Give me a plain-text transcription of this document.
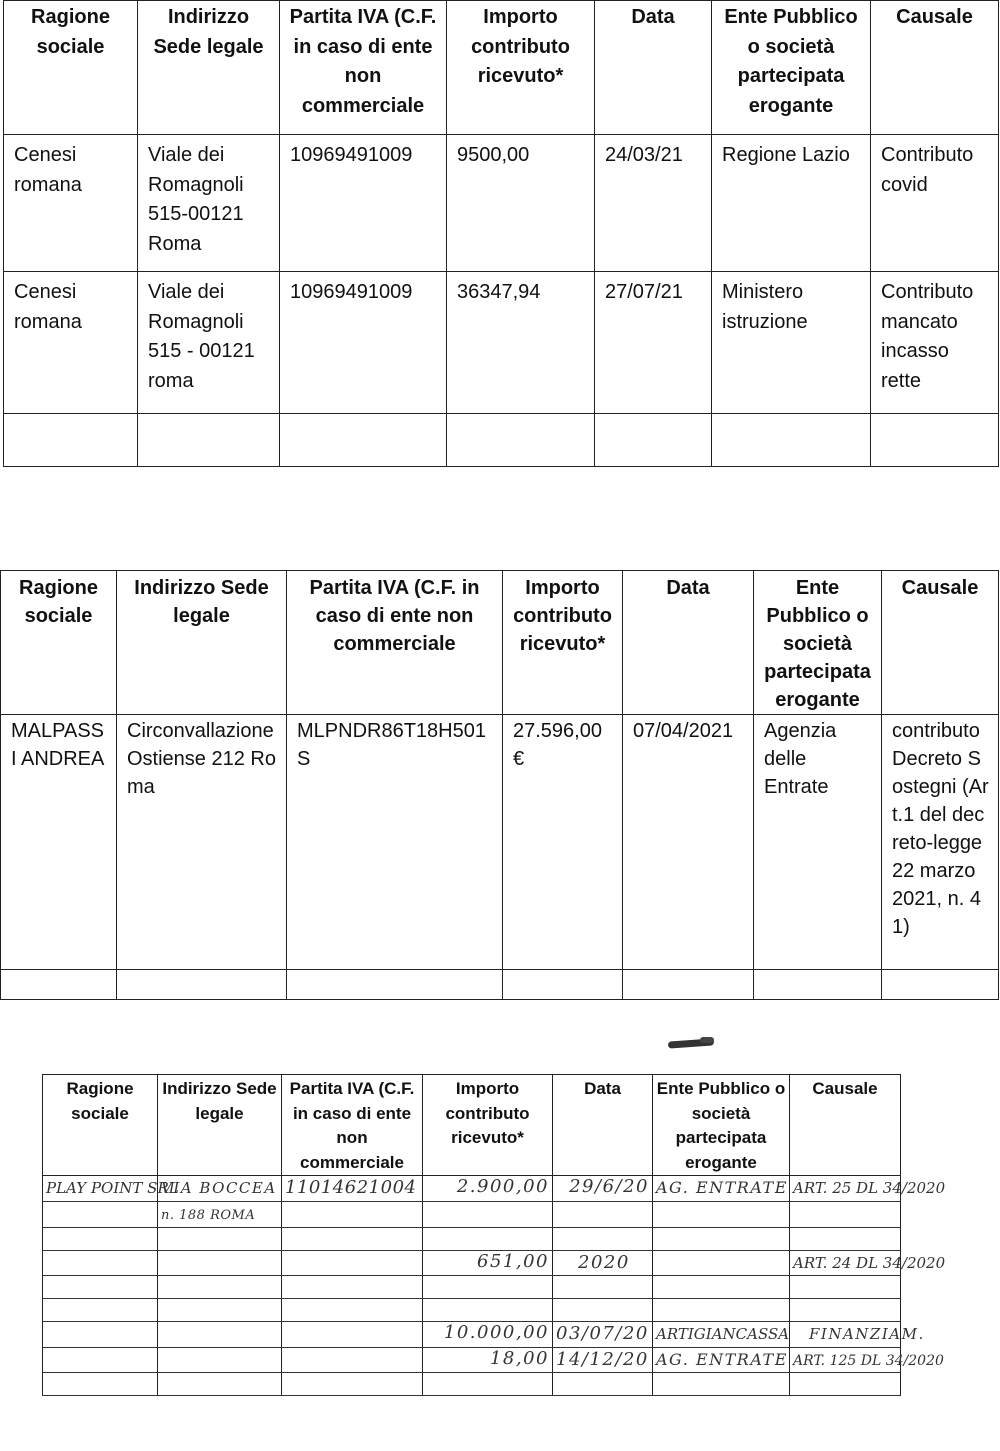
Ragione sociale	Indirizzo Sede legale	Partita IVA (C.F. in caso di ente non commerciale	Importo contributo ricevuto*	Data	Ente Pubblico o società partecipata erogante	Causale
Cenesi romana	Viale dei Romagnoli 515-00121 Roma	10969491009	9500,00	24/03/21	Regione Lazio	Contributo covid
Cenesi romana	Viale dei Romagnoli 515 - 00121 roma	10969491009	36347,94	27/07/21	Ministero istruzione	Contributo mancato incasso rette

Ragione sociale	Indirizzo Sede legale	Partita IVA (C.F. in caso di ente non commerciale	Importo contributo ricevuto*	Data	Ente Pubblico o società partecipata erogante	Causale
MALPASSI ANDREA	Circonvallazione Ostiense 212 Roma	MLPNDR86T18H501S	27.596,00 €	07/04/2021	Agenzia delle Entrate	contributo Decreto Sostegni (Art.1 del decreto-legge 22 marzo 2021, n. 41)

Ragione sociale	Indirizzo Sede legale	Partita IVA (C.F. in caso di ente non commerciale	Importo contributo ricevuto*	Data	Ente Pubblico o società partecipata erogante	Causale
PLAY POINT SRL	VIA BOCCEA	11014621004	2.900,00	29/6/20	AG. ENTRATE	ART. 25 DL 34/2020
	n. 188 ROMA					

			651,00	2020		ART. 24 DL 34/2020

			10.000,00	03/07/20	ARTIGIANCASSA	FINANZIAM.

			18,00	14/12/20	AG. ENTRATE	ART. 125 DL 34/2020
